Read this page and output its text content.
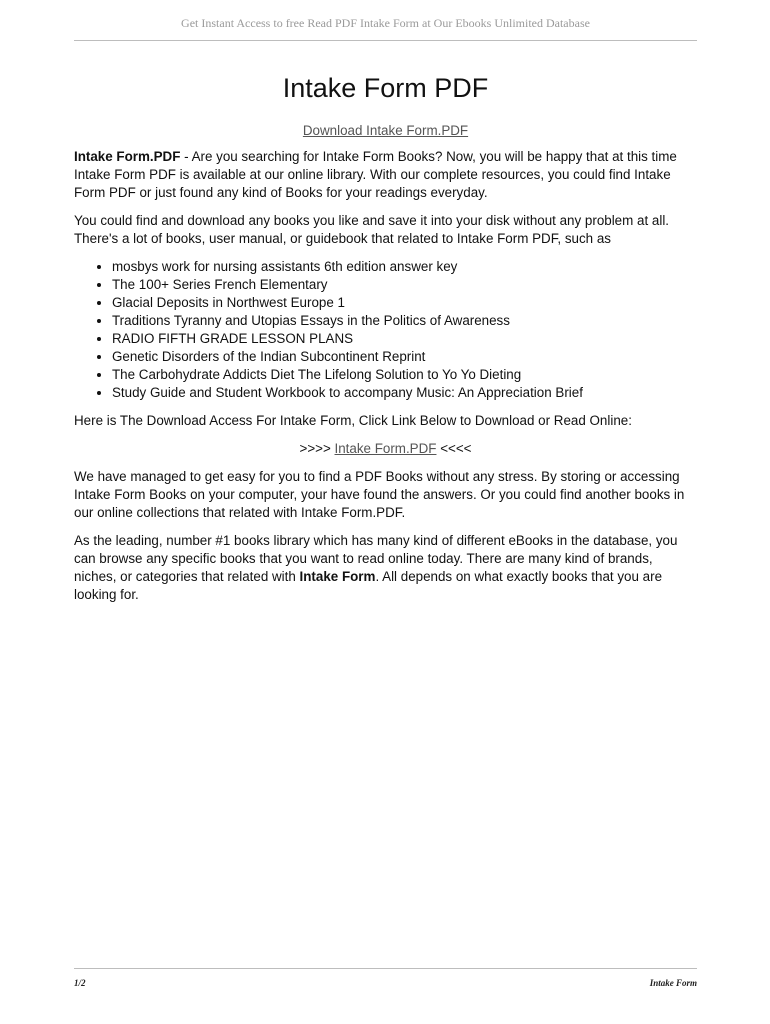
Get Instant Access to free Read PDF Intake Form at Our Ebooks Unlimited Database
Intake Form PDF
Download Intake Form.PDF

Intake Form.PDF - Are you searching for Intake Form Books? Now, you will be happy that at this time Intake Form PDF is available at our online library. With our complete resources, you could find Intake Form PDF or just found any kind of Books for your readings everyday.

You could find and download any books you like and save it into your disk without any problem at all. There's a lot of books, user manual, or guidebook that related to Intake Form PDF, such as

• mosbys work for nursing assistants 6th edition answer key
• The 100+ Series French Elementary
• Glacial Deposits in Northwest Europe 1
• Traditions Tyranny and Utopias Essays in the Politics of Awareness
• RADIO FIFTH GRADE LESSON PLANS
• Genetic Disorders of the Indian Subcontinent Reprint
• The Carbohydrate Addicts Diet The Lifelong Solution to Yo Yo Dieting
• Study Guide and Student Workbook to accompany Music: An Appreciation Brief

Here is The Download Access For Intake Form, Click Link Below to Download or Read Online:

>>>> Intake Form.PDF <<<<

We have managed to get easy for you to find a PDF Books without any stress. By storing or accessing Intake Form Books on your computer, your have found the answers. Or you could find another books in our online collections that related with Intake Form.PDF.

As the leading, number #1 books library which has many kind of different eBooks in the database, you can browse any specific books that you want to read online today. There are many kind of brands, niches, or categories that related with Intake Form. All depends on what exactly books that you are looking for.

1/2	Intake Form
